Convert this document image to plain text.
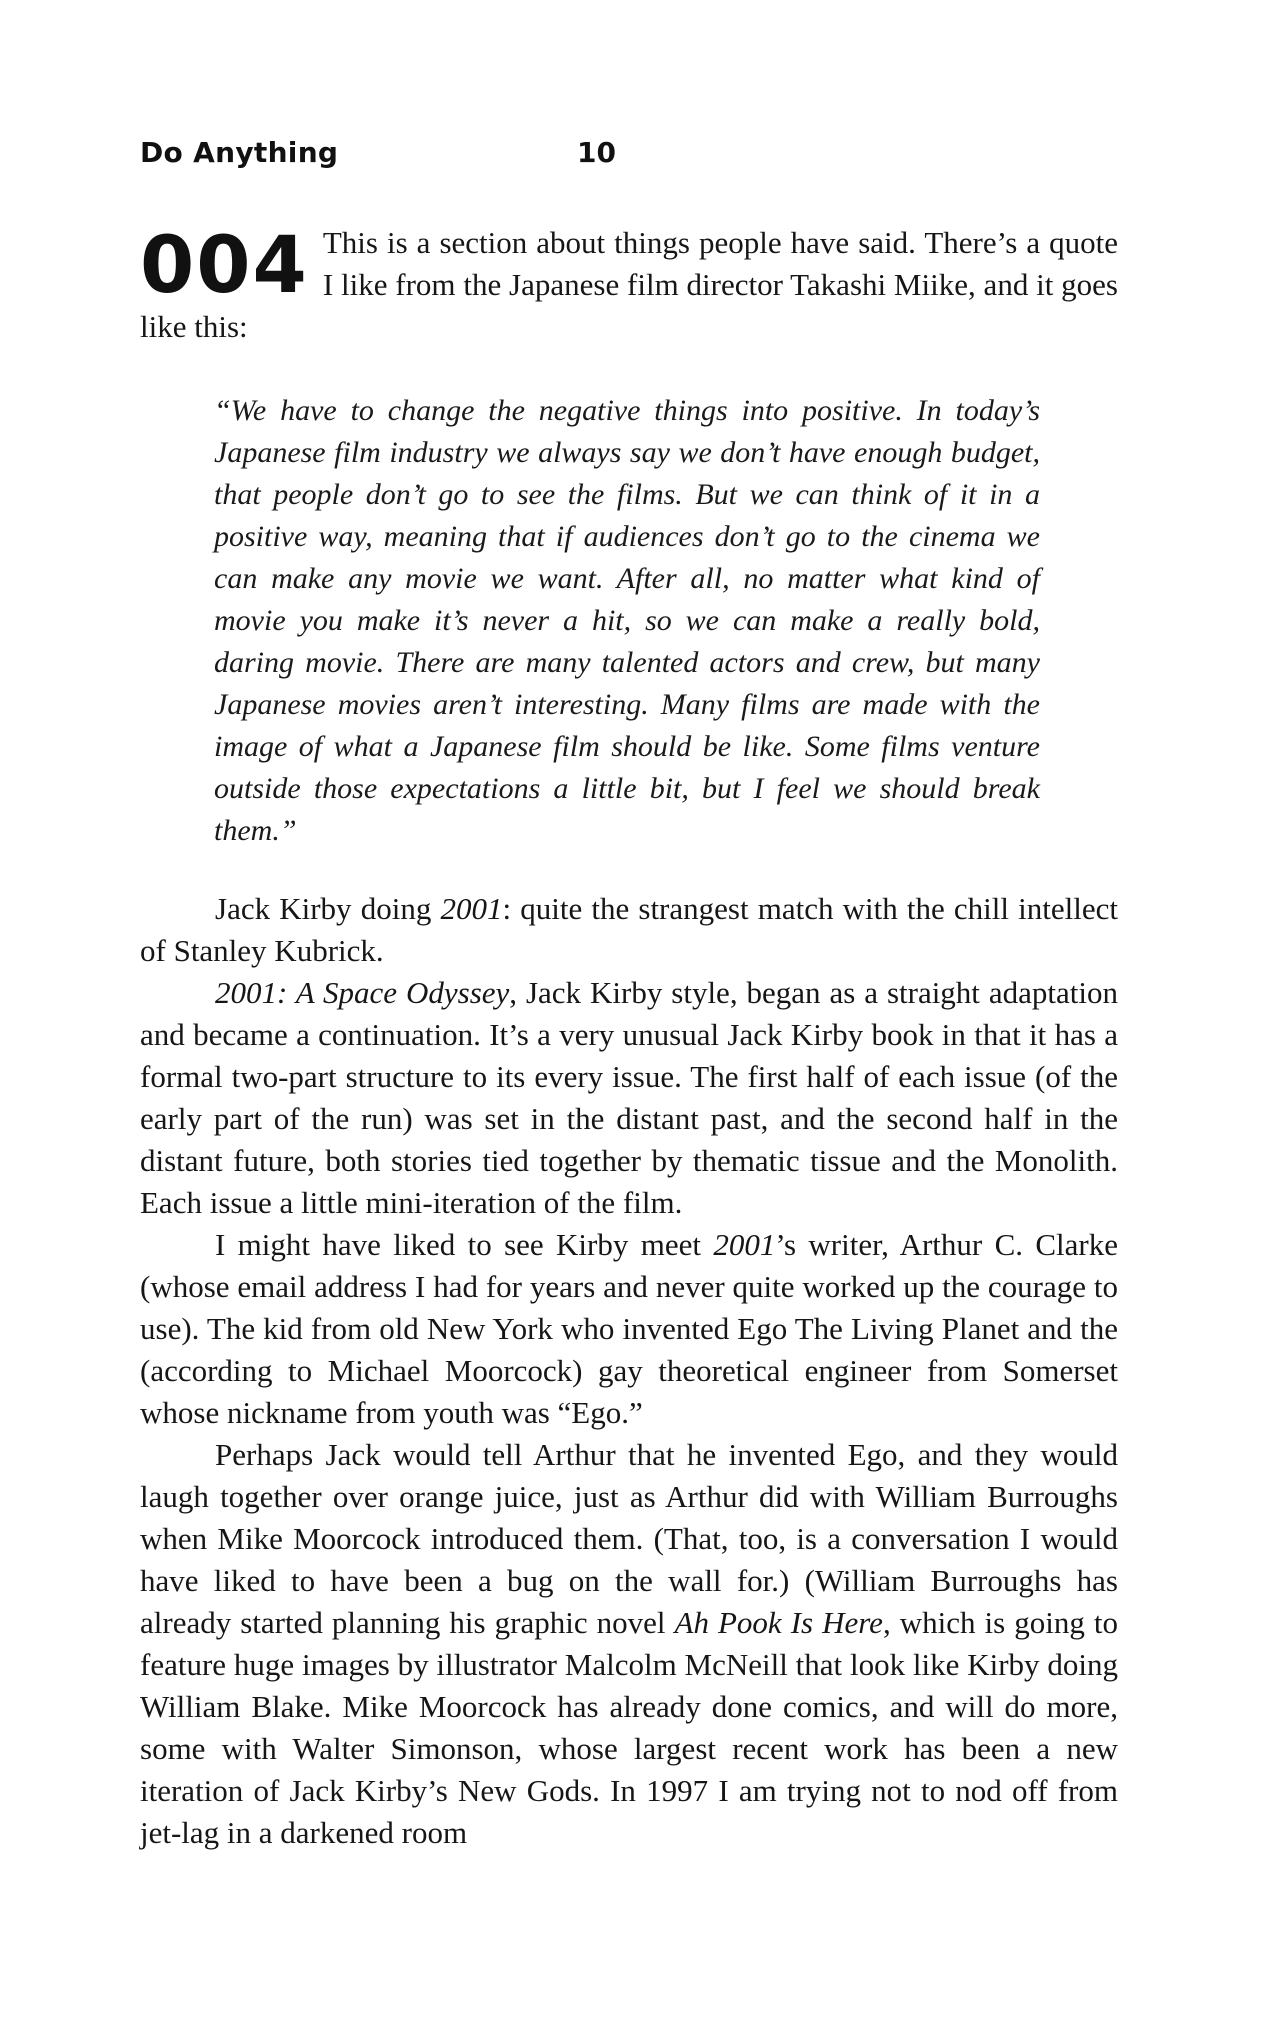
Do Anything	10
004 This is a section about things people have said. There’s a quote I like from the Japanese film director Takashi Miike, and it goes like this:

“We have to change the negative things into positive. In today’s Japanese film industry we always say we don’t have enough budget, that people don’t go to see the films. But we can think of it in a positive way, meaning that if audiences don’t go to the cinema we can make any movie we want. After all, no matter what kind of movie you make it’s never a hit, so we can make a really bold, daring movie. There are many talented actors and crew, but many Japanese movies aren’t interesting. Many films are made with the image of what a Japanese film should be like. Some films venture outside those expectations a little bit, but I feel we should break them.”

Jack Kirby doing 2001: quite the strangest match with the chill intellect of Stanley Kubrick.

2001: A Space Odyssey, Jack Kirby style, began as a straight adaptation and became a continuation. It’s a very unusual Jack Kirby book in that it has a formal two-part structure to its every issue. The first half of each issue (of the early part of the run) was set in the distant past, and the second half in the distant future, both stories tied together by thematic tissue and the Monolith. Each issue a little mini-iteration of the film.

I might have liked to see Kirby meet 2001’s writer, Arthur C. Clarke (whose email address I had for years and never quite worked up the courage to use). The kid from old New York who invented Ego The Living Planet and the (according to Michael Moorcock) gay theoretical engineer from Somerset whose nickname from youth was “Ego.”

Perhaps Jack would tell Arthur that he invented Ego, and they would laugh together over orange juice, just as Arthur did with William Burroughs when Mike Moorcock introduced them. (That, too, is a conversation I would have liked to have been a bug on the wall for.) (William Burroughs has already started planning his graphic novel Ah Pook Is Here, which is going to feature huge images by illustrator Malcolm McNeill that look like Kirby doing William Blake. Mike Moorcock has already done comics, and will do more, some with Walter Simonson, whose largest recent work has been a new iteration of Jack Kirby’s New Gods. In 1997 I am trying not to nod off from jet-lag in a darkened room
